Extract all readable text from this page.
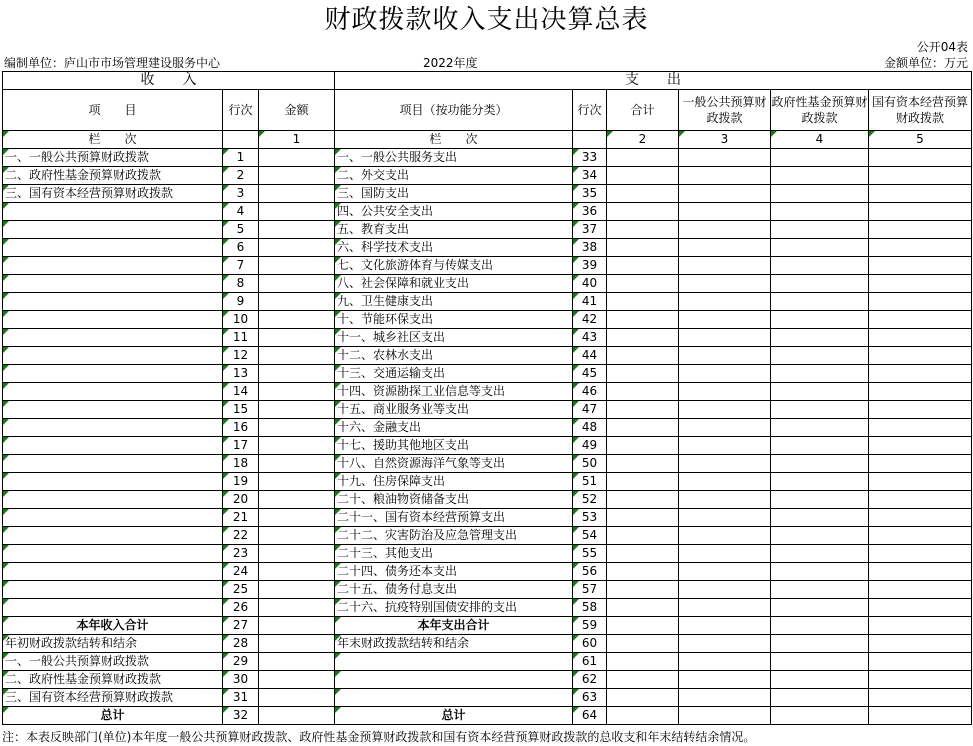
财政拨款收入支出决算总表
公开04表
编制单位：庐山市市场管理建设服务中心	2022年度	金额单位：万元
收　　入			支　　出					
项　　目	行次	金额	项目（按功能分类）	行次	合计	一般公共预算财政拨款	政府性基金预算财政拨款	国有资本经营预算财政拨款
栏　　次		1	栏　　次		2	3	4	5
一、一般公共预算财政拨款	1		一、一般公共服务支出	33				
二、政府性基金预算财政拨款	2		二、外交支出	34				
三、国有资本经营预算财政拨款	3		三、国防支出	35				
	4		四、公共安全支出	36				
	5		五、教育支出	37				
	6		六、科学技术支出	38				
	7		七、文化旅游体育与传媒支出	39				
	8		八、社会保障和就业支出	40				
	9		九、卫生健康支出	41				
	10		十、节能环保支出	42				
	11		十一、城乡社区支出	43				
	12		十二、农林水支出	44				
	13		十三、交通运输支出	45				
	14		十四、资源勘探工业信息等支出	46				
	15		十五、商业服务业等支出	47				
	16		十六、金融支出	48				
	17		十七、援助其他地区支出	49				
	18		十八、自然资源海洋气象等支出	50				
	19		十九、住房保障支出	51				
	20		二十、粮油物资储备支出	52				
	21		二十一、国有资本经营预算支出	53				
	22		二十二、灾害防治及应急管理支出	54				
	23		二十三、其他支出	55				
	24		二十四、债务还本支出	56				
	25		二十五、债务付息支出	57				
	26		二十六、抗疫特别国债安排的支出	58				
本年收入合计	27		本年支出合计	59				
年初财政拨款结转和结余	28		年末财政拨款结转和结余	60				
一、一般公共预算财政拨款	29			61				
二、政府性基金预算财政拨款	30			62				
三、国有资本经营预算财政拨款	31			63				
总计	32		总计	64				
注：本表反映部门(单位)本年度一般公共预算财政拨款、政府性基金预算财政拨款和国有资本经营预算财政拨款的总收支和年末结转结余情况。
